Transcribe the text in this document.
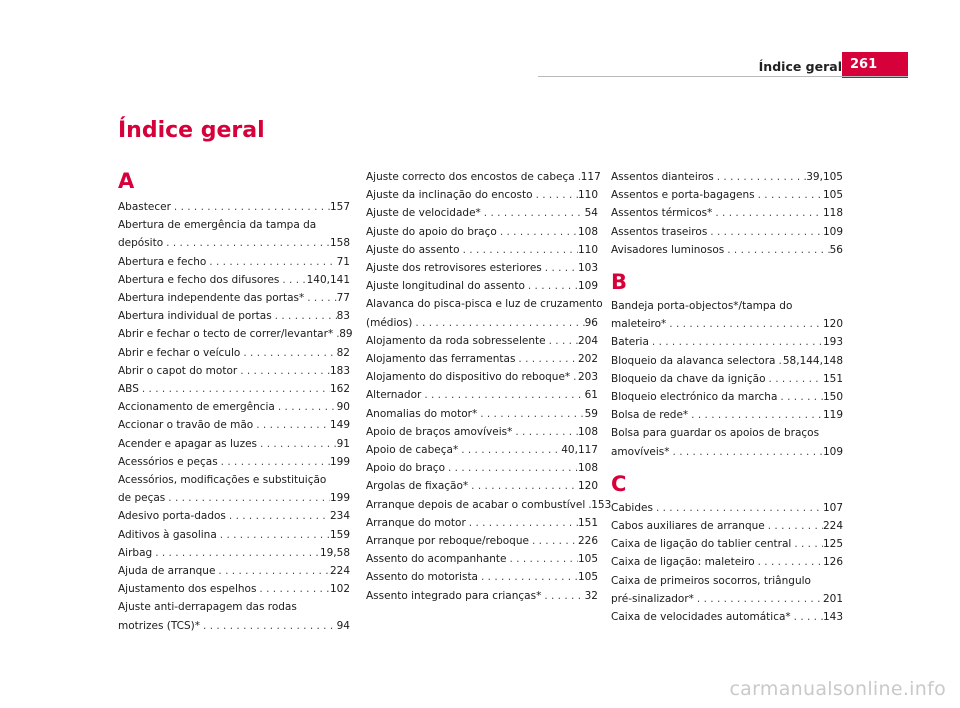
Índice geral 261
Índice geral
A
Abastecer . . .	157
Abertura de emergência da tampa da
depósito . . .	158
Abertura e fecho . . .	71
Abertura e fecho dos difusores . . .	140,141
Abertura independente das portas* . . .	77
Abertura individual de portas . . .	83
Abrir e fechar o tecto de correr/levantar* . . . 89
Abrir e fechar o veículo . . .	82
Abrir o capot do motor . . .	183
ABS . . .	162
Accionamento de emergência . . .	90
Accionar o travão de mão . . .	149
Acender e apagar as luzes . . .	91
Acessórios e peças . . .	199
Acessórios, modificações e substituição
de peças . . .	199
Adesivo porta-dados . . .	234
Aditivos à gasolina . . .	159
Airbag . . .	19,58
Ajuda de arranque . . .	224
Ajustamento dos espelhos . . .	102
Ajuste anti-derrapagem das rodas
motrizes (TCS)* . . .	94
Ajuste correcto dos encostos de cabeça . . . 117
Ajuste da inclinação do encosto . . .	110
Ajuste de velocidade* . . .	54
Ajuste do apoio do braço . . .	108
Ajuste do assento . . .	110
Ajuste dos retrovisores esteriores . . .	103
Ajuste longitudinal do assento . . .	109
Alavanca do pisca-pisca e luz de cruzamento
(médios) . . .	96
Alojamento da roda sobresselente . . .	204
Alojamento das ferramentas . . .	202
Alojamento do dispositivo do reboque* . . . 203
Alternador . . .	61
Anomalias do motor* . . .	59
Apoio de braços amovíveis* . . .	108
Apoio de cabeça* . . .	40,117
Apoio do braço . . .	108
Argolas de fixação* . . .	120
Arranque depois de acabar o combustível . . . 153
Arranque do motor . . .	151
Arranque por reboque/reboque . . .	226
Assento do acompanhante . . .	105
Assento do motorista . . .	105
Assento integrado para crianças* . . .	32
Assentos dianteiros . . .	39,105
Assentos e porta-bagagens . . .	105
Assentos térmicos* . . .	118
Assentos traseiros . . .	109
Avisadores luminosos . . .	56
B
Bandeja porta-objectos*/tampa do
maleteiro* . . .	120
Bateria . . .	193
Bloqueio da alavanca selectora . . . 58,144,148
Bloqueio da chave da ignição . . .	151
Bloqueio electrónico da marcha . . .	150
Bolsa de rede* . . .	119
Bolsa para guardar os apoios de braços
amovíveis* . . .	109
C
Cabides . . .	107
Cabos auxiliares de arranque . . .	224
Caixa de ligação do tablier central . . .	125
Caixa de ligação: maleteiro . . .	126
Caixa de primeiros socorros, triângulo
pré-sinalizador* . . .	201
Caixa de velocidades automática* . . .	143
carmanualsonline.info
